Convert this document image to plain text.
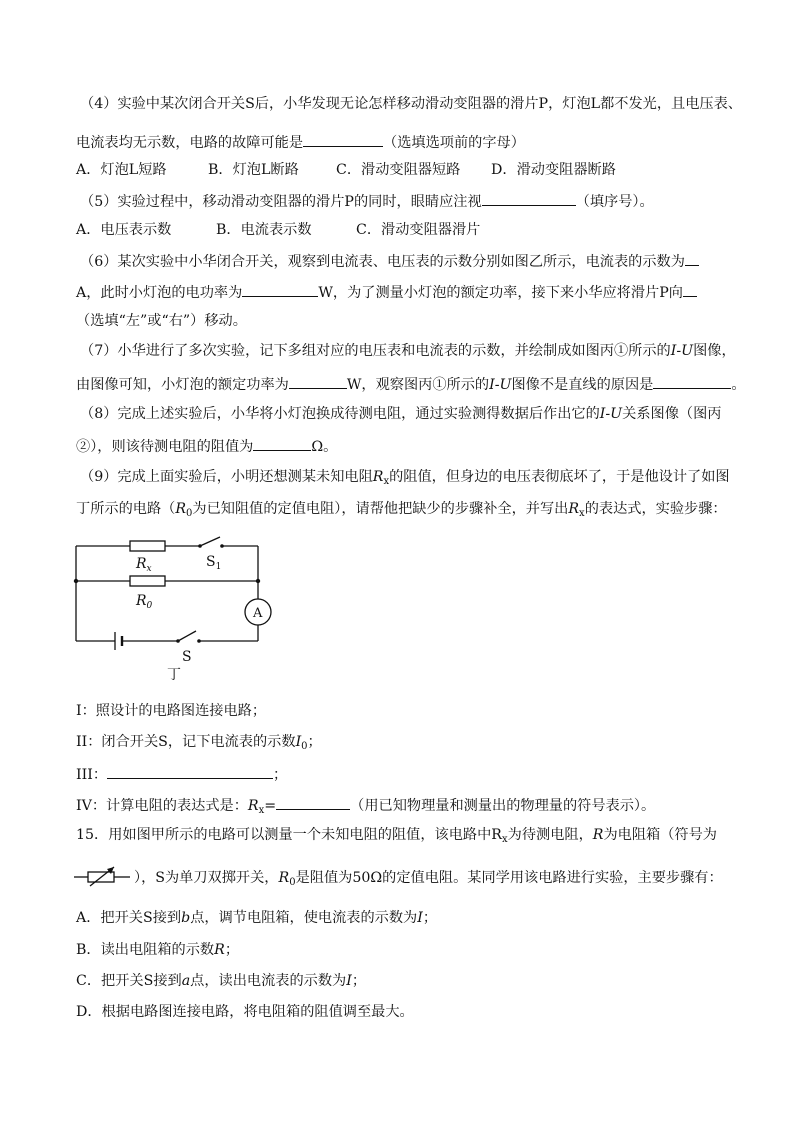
（4）实验中某次闭合开关S后，小华发现无论怎样移动滑动变阻器的滑片P，灯泡L都不发光，且电压表、
电流表均无示数，电路的故障可能是	（选填选项前的字母）
A．灯泡L短路	B．灯泡L断路	C．滑动变阻器短路 D．滑动变阻器断路
（5）实验过程中，移动滑动变阻器的滑片P的同时，眼睛应注视	（填序号）。
A．电压表示数	B．电流表示数	C．滑动变阻器滑片
（6）某次实验中小华闭合开关，观察到电流表、电压表的示数分别如图乙所示，电流表的示数为
A，此时小灯泡的电功率为	W，为了测量小灯泡的额定功率，接下来小华应将滑片P向
（选填“左”或“右”）移动。
（7）小华进行了多次实验，记下多组对应的电压表和电流表的示数，并绘制成如图丙①所示的I-U图像，
由图像可知，小灯泡的额定功率为	W，观察图丙①所示的I-U图像不是直线的原因是	。
（8）完成上述实验后，小华将小灯泡换成待测电阻，通过实验测得数据后作出它的I-U关系图像（图丙
②），则该待测电阻的阻值为	Ω。
（9）完成上面实验后，小明还想测某未知电阻$R_x$的阻值，但身边的电压表彻底坏了，于是他设计了如图
丁所示的电路（$R_0$为已知阻值的定值电阻），请帮他把缺少的步骤补全，并写出$R_x$的表达式，实验步骤：
$R_x$	$S_1$
$R_0$	A
S
丁
I：照设计的电路图连接电路；
II：闭合开关S，记下电流表的示数$I_0$；
III：	；
IV：计算电阻的表达式是：$R_x=$	（用已知物理量和测量出的物理量的符号表示）。
15．用如图甲所示的电路可以测量一个未知电阻的阻值，该电路中$R_x$为待测电阻，R为电阻箱（符号为
），S为单刀双掷开关，$R_0$是阻值为50Ω的定值电阻。某同学用该电路进行实验，主要步骤有：
A．把开关S接到b点，调节电阻箱，使电流表的示数为I；
B．读出电阻箱的示数R；
C．把开关S接到a点，读出电流表的示数为I；
D．根据电路图连接电路，将电阻箱的阻值调至最大。
